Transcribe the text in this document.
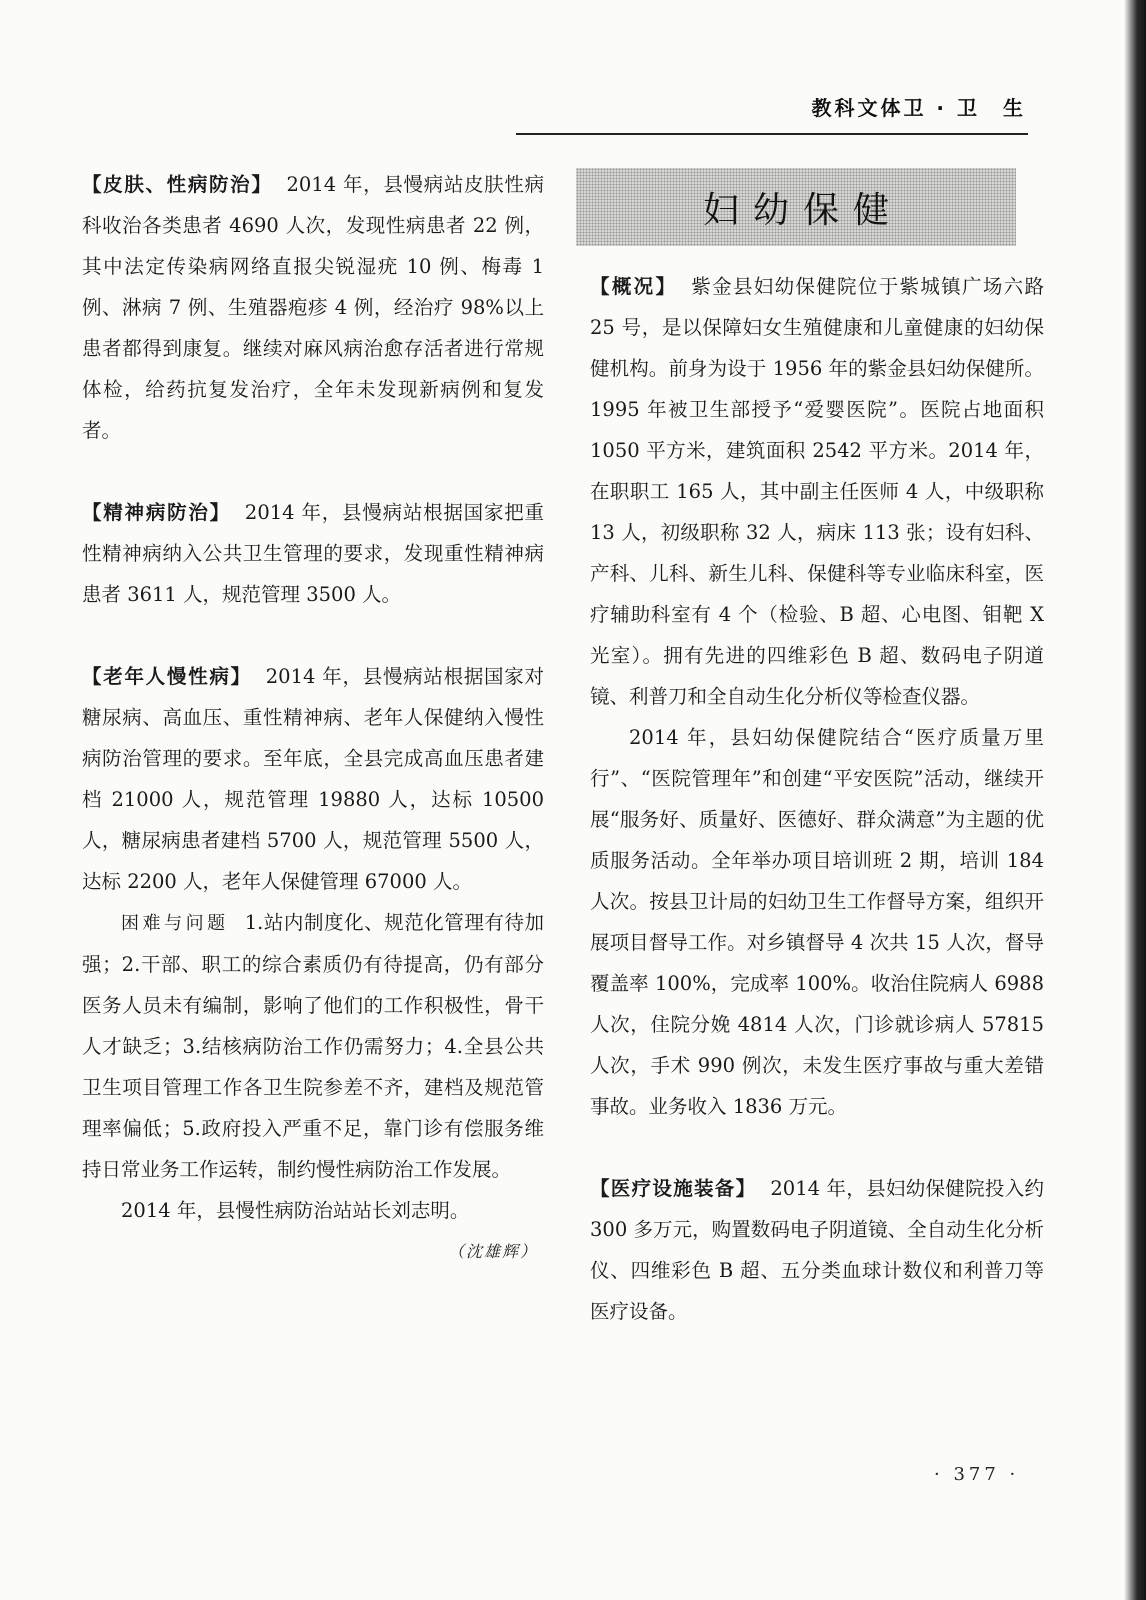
教科文体卫 · 卫　生

【皮肤、性病防治】 2014 年，县慢病站皮肤性病科收治各类患者 4690 人次，发现性病患者 22 例，其中法定传染病网络直报尖锐湿疣 10 例、梅毒 1 例、淋病 7 例、生殖器疱疹 4 例，经治疗 98%以上患者都得到康复。继续对麻风病治愈存活者进行常规体检，给药抗复发治疗，全年未发现新病例和复发者。

【精神病防治】 2014 年，县慢病站根据国家把重性精神病纳入公共卫生管理的要求，发现重性精神病患者 3611 人，规范管理 3500 人。

【老年人慢性病】 2014 年，县慢病站根据国家对糖尿病、高血压、重性精神病、老年人保健纳入慢性病防治管理的要求。至年底，全县完成高血压患者建档 21000 人，规范管理 19880 人，达标 10500 人，糖尿病患者建档 5700 人，规范管理 5500 人，达标 2200 人，老年人保健管理 67000 人。

困难与问题 1.站内制度化、规范化管理有待加强；2.干部、职工的综合素质仍有待提高，仍有部分医务人员未有编制，影响了他们的工作积极性，骨干人才缺乏；3.结核病防治工作仍需努力；4.全县公共卫生项目管理工作各卫生院参差不齐，建档及规范管理率偏低；5.政府投入严重不足，靠门诊有偿服务维持日常业务工作运转，制约慢性病防治工作发展。

2014 年，县慢性病防治站站长刘志明。

（沈雄辉）

妇幼保健

【概况】 紫金县妇幼保健院位于紫城镇广场六路 25 号，是以保障妇女生殖健康和儿童健康的妇幼保健机构。前身为设于 1956 年的紫金县妇幼保健所。1995 年被卫生部授予“爱婴医院”。医院占地面积 1050 平方米，建筑面积 2542 平方米。2014 年，在职职工 165 人，其中副主任医师 4 人，中级职称 13 人，初级职称 32 人，病床 113 张；设有妇科、产科、儿科、新生儿科、保健科等专业临床科室，医疗辅助科室有 4 个（检验、B 超、心电图、钼靶 X 光室）。拥有先进的四维彩色 B 超、数码电子阴道镜、利普刀和全自动生化分析仪等检查仪器。

2014 年，县妇幼保健院结合“医疗质量万里行”、“医院管理年”和创建“平安医院”活动，继续开展“服务好、质量好、医德好、群众满意”为主题的优质服务活动。全年举办项目培训班 2 期，培训 184 人次。按县卫计局的妇幼卫生工作督导方案，组织开展项目督导工作。对乡镇督导 4 次共 15 人次，督导覆盖率 100%，完成率 100%。收治住院病人 6988 人次，住院分娩 4814 人次，门诊就诊病人 57815 人次，手术 990 例次，未发生医疗事故与重大差错事故。业务收入 1836 万元。

【医疗设施装备】 2014 年，县妇幼保健院投入约 300 多万元，购置数码电子阴道镜、全自动生化分析仪、四维彩色 B 超、五分类血球计数仪和利普刀等医疗设备。

· 377 ·
